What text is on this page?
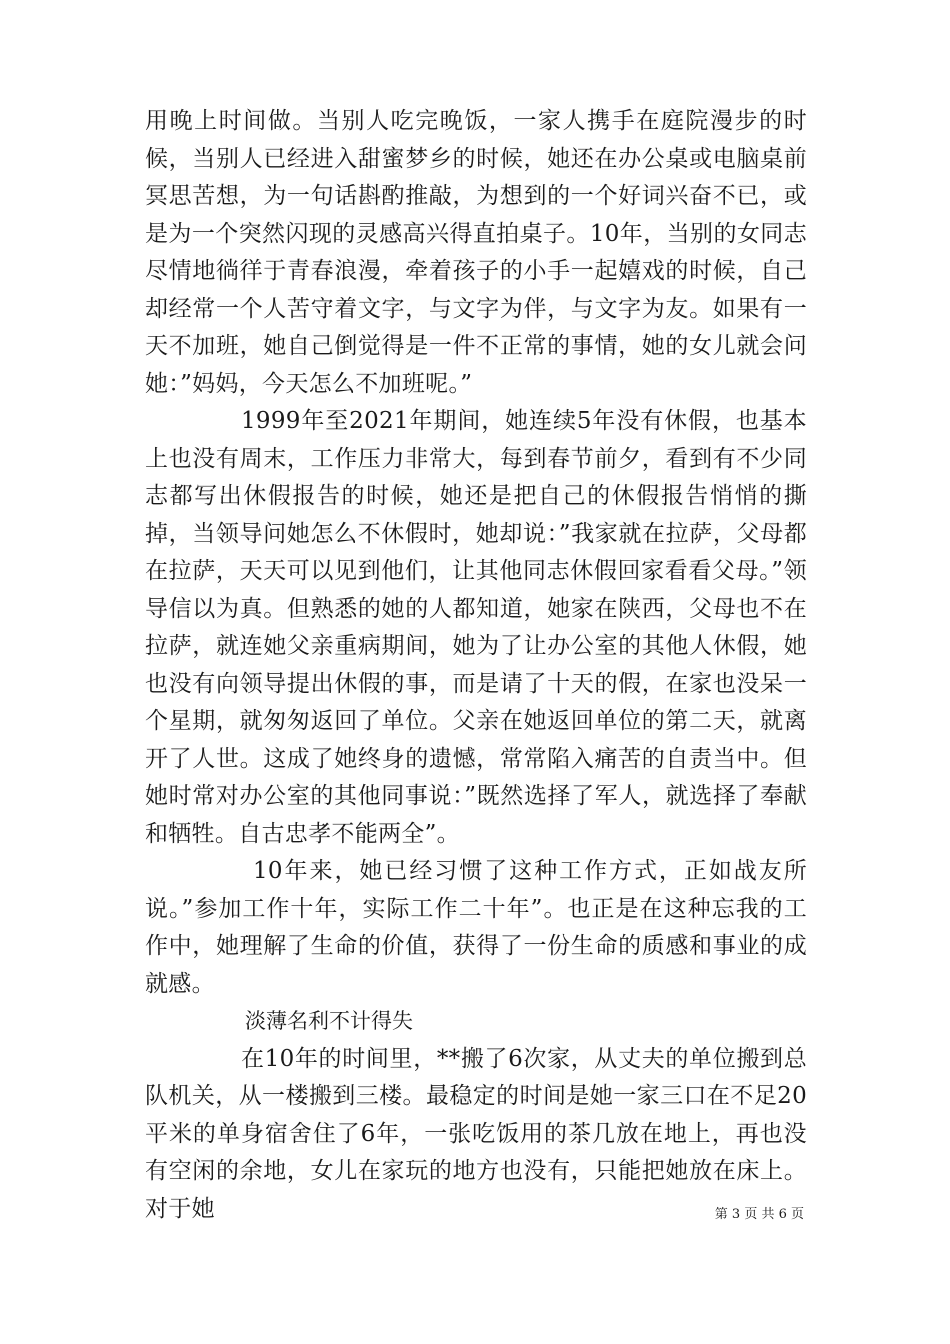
用晚上时间做。当别人吃完晚饭，一家人携手在庭院漫步的时候，当别人已经进入甜蜜梦乡的时候，她还在办公桌或电脑桌前冥思苦想，为一句话斟酌推敲，为想到的一个好词兴奋不已，或是为一个突然闪现的灵感高兴得直拍桌子。10年，当别的女同志尽情地徜徉于青春浪漫，牵着孩子的小手一起嬉戏的时候，自己却经常一个人苦守着文字，与文字为伴，与文字为友。如果有一天不加班，她自己倒觉得是一件不正常的事情，她的女儿就会问她：”妈妈，今天怎么不加班呢。”

1999年至2021年期间，她连续5年没有休假，也基本上也没有周末，工作压力非常大，每到春节前夕，看到有不少同志都写出休假报告的时候，她还是把自己的休假报告悄悄的撕掉，当领导问她怎么不休假时，她却说：”我家就在拉萨，父母都在拉萨，天天可以见到他们，让其他同志休假回家看看父母。”领导信以为真。但熟悉的她的人都知道，她家在陕西，父母也不在拉萨，就连她父亲重病期间，她为了让办公室的其他人休假，她也没有向领导提出休假的事，而是请了十天的假，在家也没呆一个星期，就匆匆返回了单位。父亲在她返回单位的第二天，就离开了人世。这成了她终身的遗憾，常常陷入痛苦的自责当中。但她时常对办公室的其他同事说：”既然选择了军人，就选择了奉献和牺牲。自古忠孝不能两全”。

10年来，她已经习惯了这种工作方式，正如战友所说。”参加工作十年，实际工作二十年”。也正是在这种忘我的工作中，她理解了生命的价值，获得了一份生命的质感和事业的成就感。

淡薄名利不计得失

在10年的时间里，**搬了6次家，从丈夫的单位搬到总队机关，从一楼搬到三楼。最稳定的时间是她一家三口在不足20平米的单身宿舍住了6年，一张吃饭用的茶几放在地上，再也没有空闲的余地，女儿在家玩的地方也没有，只能把她放在床上。对于她	第 3 页 共 6 页
